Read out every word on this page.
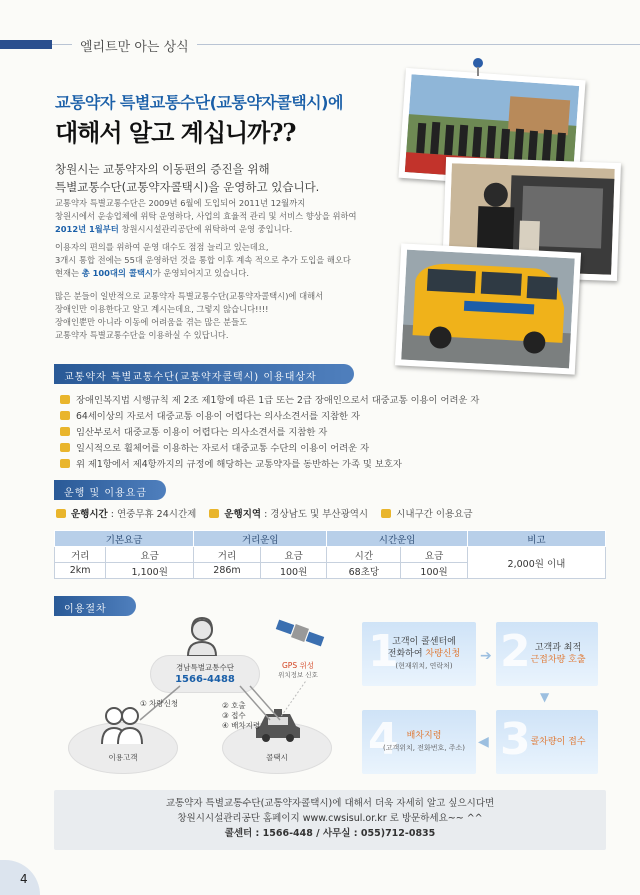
엘리트만 아는 상식
교통약자 특별교통수단(교통약자콜택시)에
대해서 알고 계십니까??
창원시는 교통약자의 이동편의 증진을 위해
특별교통수단(교통약자콜택시)을 운영하고 있습니다.
교통약자 특별교통수단은 2009년 6월에 도입되어 2011년 12월까지
창원시에서 운송업체에 위탁 운영하다, 사업의 효율적 관리 및 서비스 향상을 위하여
2012년 1월부터 창원시시설관리공단에 위탁하여 운영 중입니다.
이용자의 편의를 위하여 운영 대수도 점점 늘리고 있는데요,
3개시 통합 전에는 55대 운영하던 것을 통합 이후 계속 적으로 추가 도입을 해오다
현재는 총 100대의 콜택시가 운영되어지고 있습니다.
많은 분들이 일반적으로 교통약자 특별교통수단(교통약자콜택시)에 대해서
장애인만 이용한다고 알고 계시는데요, 그렇지 않습니다!!!!
장애인뿐만 아니라 이동에 어려움을 겪는 많은 분들도
교통약자 특별교통수단을 이용하실 수 있답니다.
교통약자 특별교통수단(교통약자콜택시) 이용대상자
장애인복지법 시행규칙 제 2조 제1항에 따른 1급 또는 2급 장애인으로서 대중교통 이용이 어려운 자
64세이상의 자로서 대중교통 이용이 어렵다는 의사소견서를 지참한 자
임산부로서 대중교통 이용이 어렵다는 의사소견서를 지참한 자
일시적으로 휠체어를 이용하는 자로서 대중교통 수단의 이용이 어려운 자
위 제1항에서 제4항까지의 규정에 해당하는 교통약자를 동반하는 가족 및 보호자
운행 및 이용요금
운행시간 : 연중무휴 24시간제	운행지역 : 경상남도 및 부산광역시	시내구간 이용요금
기본요금		거리운임		시간운임		비고
거리	요금	거리	요금	시간	요금	2,000원 이내
2km	1,100원	286m	100원	68초당	100원	
이용절차
경남특별교통수단
1566-4488
GPS 위성
위치정보 신호
이용고객	콜택시
① 차량신청	② 호출
③ 접수
④ 배차지령
1
고객이 콜센터에
전화하여 차량신청
(현재위치, 연락처)
➔ 2 고객과 최적
근접차량 호출
▼
3 콜차량이 접수
◀
4 배차지령
(고객위치, 전화번호, 주소)
교통약자 특별교통수단(교통약자콜택시)에 대해서 더욱 자세히 알고 싶으시다면
창원시시설관리공단 홈페이지 www.cwsisul.or.kr 로 방문하세요~~ ^^
콜센터 : 1566-448 / 사무실 : 055)712-0835
4
